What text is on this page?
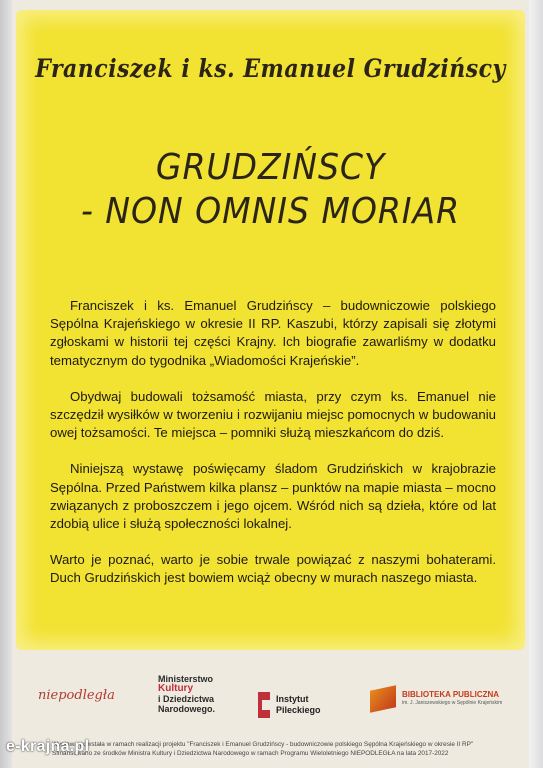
Franciszek i ks. Emanuel Grudzińscy
GRUDZIŃSCY
- NON OMNIS MORIAR

Franciszek i ks. Emanuel Grudzińscy – budowniczowie polskiego Sępólna Krajeńskiego w okresie II RP. Kaszubi, którzy zapisali się złotymi zgłoskami w historii tej części Krajny. Ich biografie zawarliśmy w dodatku tematycznym do tygodnika „Wiadomości Krajeńskie”.

Obydwaj budowali tożsamość miasta, przy czym ks. Emanuel nie szczędził wysiłków w tworzeniu i rozwijaniu miejsc pomocnych w budowaniu owej tożsamości. Te miejsca – pomniki służą mieszkańcom do dziś.

Niniejszą wystawę poświęcamy śladom Grudzińskich w krajobrazie Sępólna. Przed Państwem kilka plansz – punktów na mapie miasta – mocno związanych z proboszczem i jego ojcem. Wśród nich są dzieła, które od lat zdobią ulice i służą społeczności lokalnej.

Warto je poznać, warto je sobie trwale powiązać z naszymi bohaterami. Duch Grudzińskich jest bowiem wciąż obecny w murach naszego miasta.

niepodległa
Ministerstwo
Kultury
i Dziedzictwa
Narodowego.
Instytut
Pileckiego
BIBLIOTEKA PUBLICZNA
im. J. Janiszewskiego w Sępólnie Krajeńskim
Wystawa powstała w ramach realizacji projektu "Franciszek i Emanuel Grudzińscy - budowniczowie polskiego Sępólna Krajeńskiego w okresie II RP"
Sfinansowano ze środków Ministra Kultury i Dziedzictwa Narodowego w ramach Programu Wieloletniego NIEPODLEGŁA na lata 2017-2022
e-krajna.pl
